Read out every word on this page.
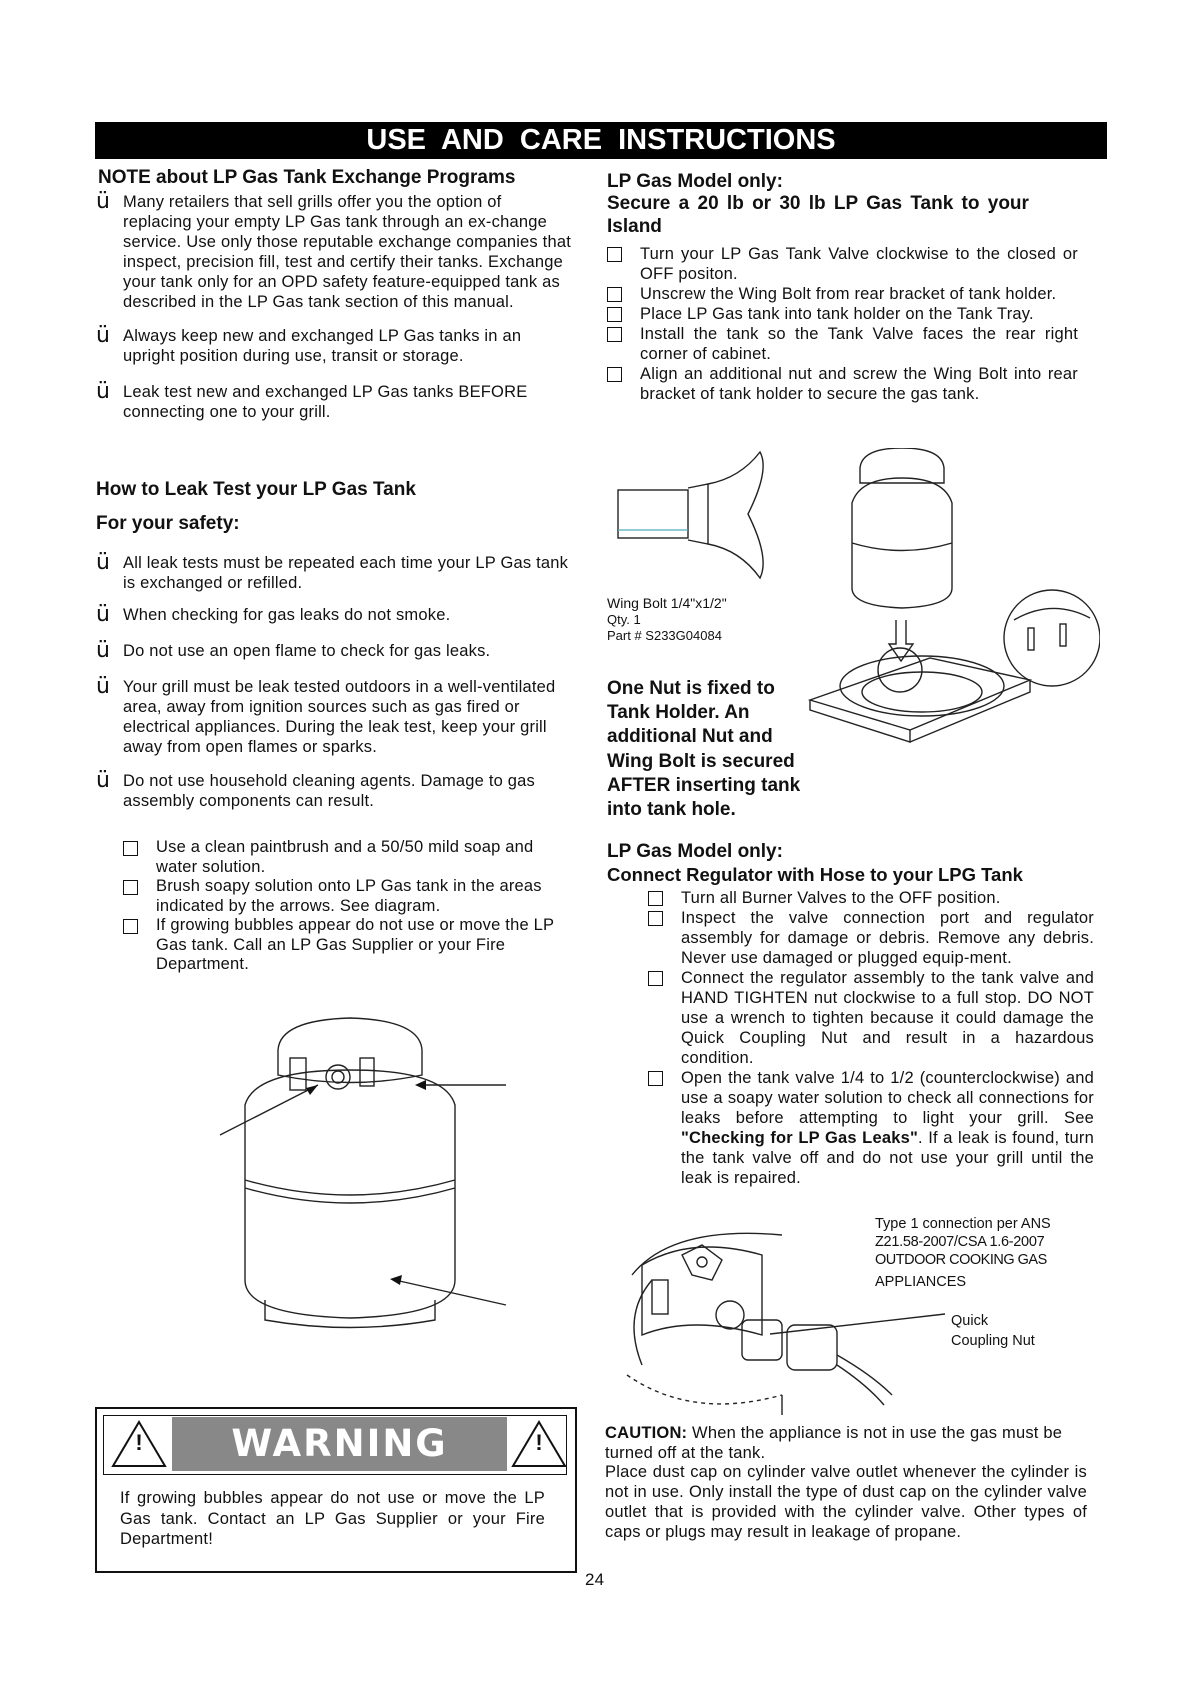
USE AND CARE INSTRUCTIONS
NOTE about LP Gas Tank Exchange Programs
ü Many retailers that sell grills offer you the option of replacing your empty LP Gas tank through an ex-change service. Use only those reputable exchange companies that inspect, precision fill, test and certify their tanks. Exchange your tank only for an OPD safety feature-equipped tank as described in the LP Gas tank section of this manual.
ü Always keep new and exchanged LP Gas tanks in an upright position during use, transit or storage.
ü Leak test new and exchanged LP Gas tanks BEFORE connecting one to your grill.
How to Leak Test your LP Gas Tank
For your safety:
ü All leak tests must be repeated each time your LP Gas tank is exchanged or refilled.
ü When checking for gas leaks do not smoke.
ü Do not use an open flame to check for gas leaks.
ü Your grill must be leak tested outdoors in a well-ventilated area, away from ignition sources such as gas fired or electrical appliances. During the leak test, keep your grill away from open flames or sparks.
ü Do not use household cleaning agents. Damage to gas assembly components can result.
Use a clean paintbrush and a 50/50 mild soap and water solution.
Brush soapy solution onto LP Gas tank in the areas indicated by the arrows. See diagram.
If growing bubbles appear do not use or move the LP Gas tank. Call an LP Gas Supplier or your Fire Department.
!	WARNING	!
If growing bubbles appear do not use or move the LP Gas tank. Contact an LP Gas Supplier or your Fire Department!
LP Gas Model only:
Secure a 20 lb or 30 lb LP Gas Tank to your Island
Turn your LP Gas Tank Valve clockwise to the closed or OFF positon.
Unscrew the Wing Bolt from rear bracket of tank holder.
Place LP Gas tank into tank holder on the Tank Tray.
Install the tank so the Tank Valve faces the rear right corner of cabinet.
Align an additional nut and screw the Wing Bolt into rear bracket of tank holder to secure the gas tank.
Wing Bolt 1/4"x1/2"
Qty. 1
Part # S233G04084
One Nut is fixed to Tank Holder. An additional Nut and Wing Bolt is secured AFTER inserting tank into tank hole.
LP Gas Model only:
Connect Regulator with Hose to your LPG Tank
Turn all Burner Valves to the OFF position.
Inspect the valve connection port and regulator assembly for damage or debris. Remove any debris. Never use damaged or plugged equip-ment.
Connect the regulator assembly to the tank valve and HAND TIGHTEN nut clockwise to a full stop. DO NOT use a wrench to tighten because it could damage the Quick Coupling Nut and result in a hazardous condition.
Open the tank valve 1/4 to 1/2 (counterclockwise) and use a soapy water solution to check all connections for leaks before attempting to light your grill. See "Checking for LP Gas Leaks". If a leak is found, turn the tank valve off and do not use your grill until the leak is repaired.
Type 1 connection per ANS
Z21.58-2007/CSA 1.6-2007
OUTDOOR COOKING GAS
APPLIANCES
Quick
Coupling Nut
CAUTION: When the appliance is not in use the gas must be turned off at the tank.
Place dust cap on cylinder valve outlet whenever the cylinder is not in use. Only install the type of dust cap on the cylinder valve outlet that is provided with the cylinder valve. Other types of caps or plugs may result in leakage of propane.
24
